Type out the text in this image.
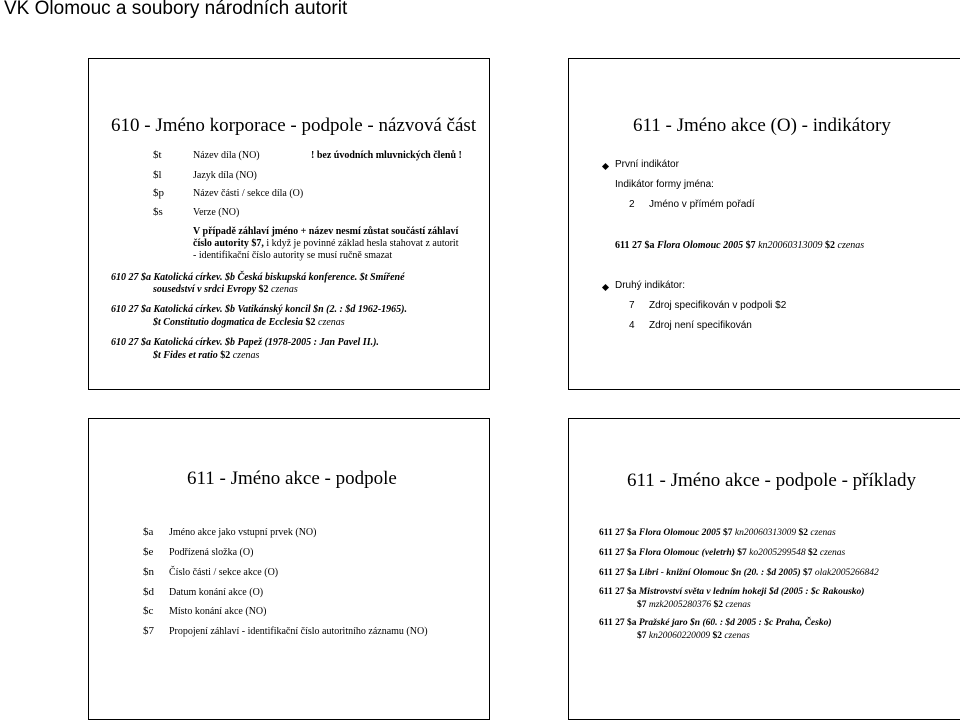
VK Olomouc a soubory národních autorit
610 - Jméno korporace - podpole - názvová část
$t	Název díla (NO)	! bez úvodních mluvnických členů !
$l	Jazyk díla (NO)
$p	Název části / sekce díla (O)
$s	Verze (NO)
V případě záhlaví jméno + název nesmí zůstat součástí záhlaví
číslo autority $7, i když je povinné základ hesla stahovat z autorit
- identifikační číslo autority se musí ručně smazat
610 27 $a Katolická církev. $b Česká biskupská konference. $t Smířené
sousedství v srdci Evropy $2 czenas
610 27 $a Katolická církev. $b Vatikánský koncil $n (2. : $d 1962-1965).
$t Constitutio dogmatica de Ecclesia $2 czenas
610 27 $a Katolická církev. $b Papež (1978-2005 : Jan Pavel II.).
$t Fides et ratio $2 czenas
611 - Jméno akce (O) - indikátory
První indikátor
Indikátor formy jména:
2 Jméno v přímém pořadí
611 27 $a Flora Olomouc 2005 $7 kn20060313009 $2 czenas
Druhý indikátor:
7 Zdroj specifikován v podpoli $2
4 Zdroj není specifikován
611 - Jméno akce - podpole
$a Jméno akce jako vstupní prvek (NO)
$e Podřízená složka (O)
$n Číslo části / sekce akce (O)
$d Datum konání akce (O)
$c Místo konání akce (NO)
$7 Propojení záhlaví - identifikační číslo autoritního záznamu (NO)
611 - Jméno akce - podpole - příklady
611 27 $a Flora Olomouc 2005 $7 kn20060313009 $2 czenas
611 27 $a Flora Olomouc (veletrh) $7 ko2005299548 $2 czenas
611 27 $a Libri - knižní Olomouc $n (20. : $d 2005) $7 olak2005266842
611 27 $a Mistrovství světa v ledním hokeji $d (2005 : $c Rakousko)
$7 mzk2005280376 $2 czenas
611 27 $a Pražské jaro $n (60. : $d 2005 : $c Praha, Česko)
$7 kn20060220009 $2 czenas
